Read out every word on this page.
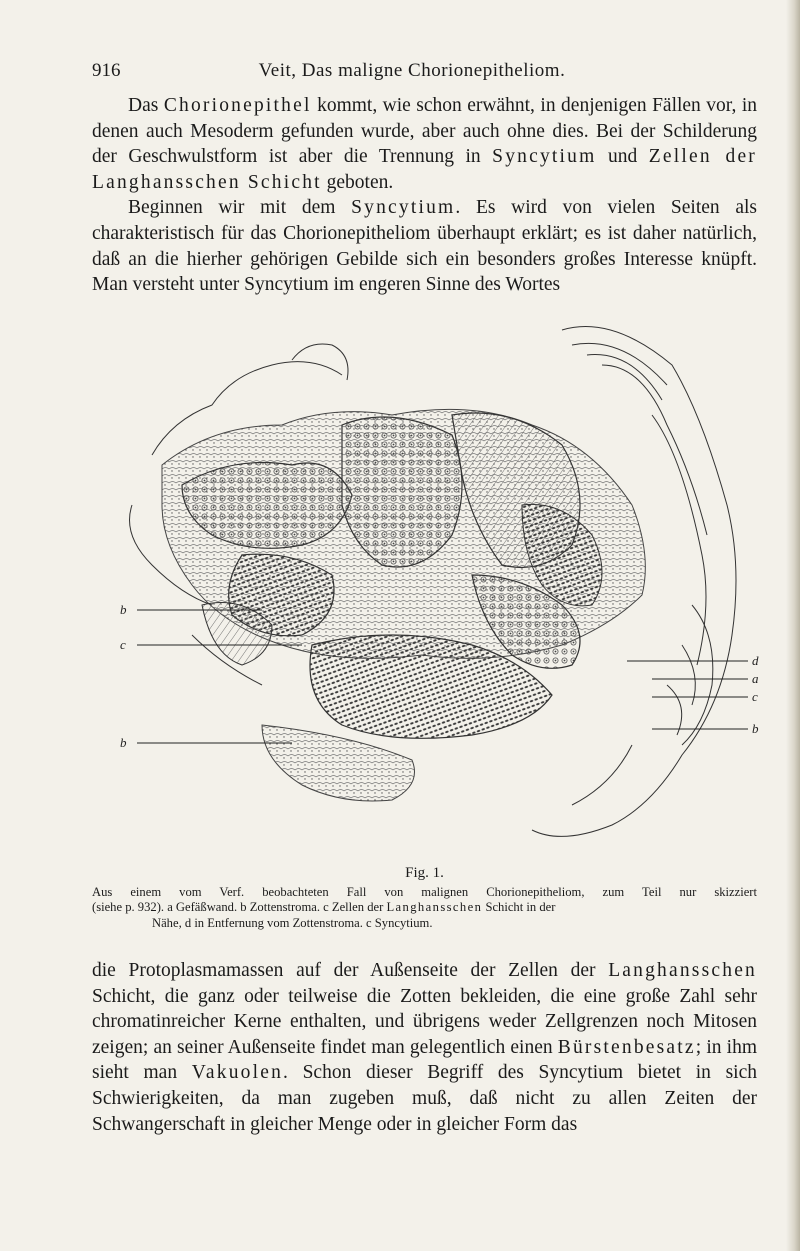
916	Veit, Das maligne Chorionepitheliom.

Das Chorionepithel kommt, wie schon erwähnt, in denjenigen Fällen vor, in denen auch Mesoderm gefunden wurde, aber auch ohne dies. Bei der Schilderung der Geschwulstform ist aber die Trennung in Syncytium und Zellen der Langhansschen Schicht geboten.

Beginnen wir mit dem Syncytium. Es wird von vielen Seiten als charakteristisch für das Chorionepitheliom überhaupt erklärt; es ist daher natürlich, daß an die hierher gehörigen Gebilde sich ein besonders großes Interesse knüpft. Man versteht unter Syncytium im engeren Sinne des Wortes

b
c
b
d
a
c
b
Fig. 1.
Aus einem vom Verf. beobachteten Fall von malignen Chorionepitheliom, zum Teil nur skizziert
(siehe p. 932). a Gefäßwand. b Zottenstroma. c Zellen der Langhansschen Schicht in der
Nähe, d in Entfernung vom Zottenstroma. c Syncytium.

die Protoplasmamassen auf der Außenseite der Zellen der Langhansschen Schicht, die ganz oder teilweise die Zotten bekleiden, die eine große Zahl sehr chromatinreicher Kerne enthalten, und übrigens weder Zellgrenzen noch Mitosen zeigen; an seiner Außenseite findet man gelegentlich einen Bürstenbesatz; in ihm sieht man Vakuolen. Schon dieser Begriff des Syncytium bietet in sich Schwierigkeiten, da man zugeben muß, daß nicht zu allen Zeiten der Schwangerschaft in gleicher Menge oder in gleicher Form das
